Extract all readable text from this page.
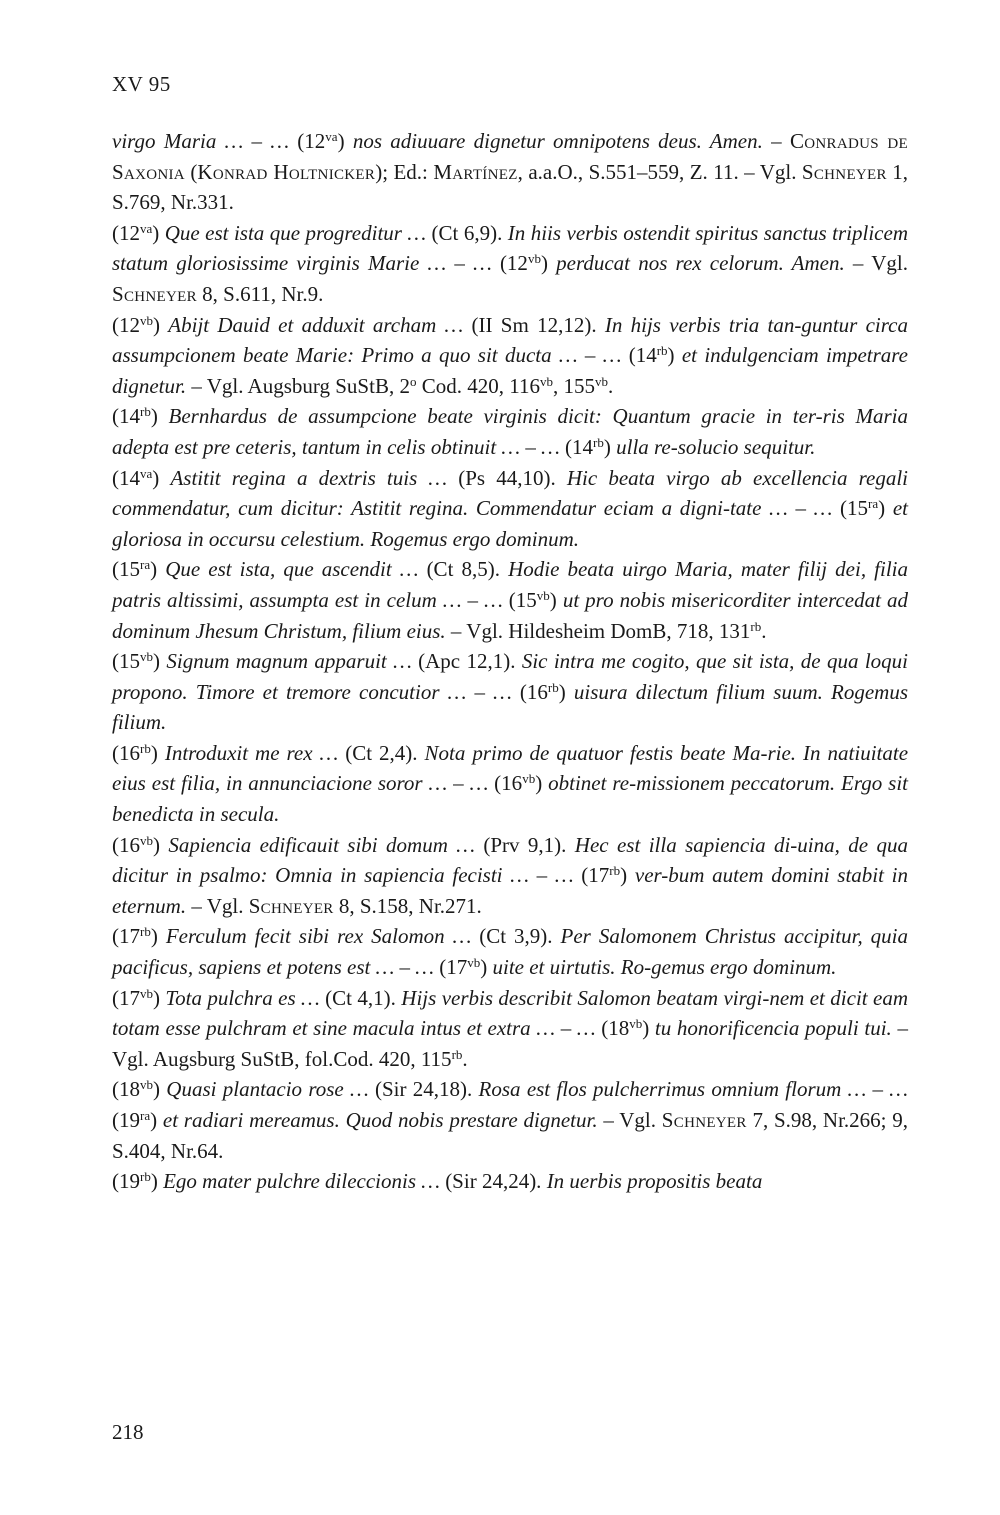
XV 95

virgo Maria … – … $(12^{va})$ nos adiuuare dignetur omnipotens deus. Amen. – Conradus de Saxonia (Konrad Holtnicker); Ed.: Martínez, a.a.O., S.551–559, Z. 11. – Vgl. Schneyer 1, S.769, Nr.331.

$(12^{va})$ Que est ista que progreditur … (Ct 6,9). In hiis verbis ostendit spiritus sanctus triplicem statum gloriosissime virginis Marie … – … $(12^{vb})$ perducat nos rex celorum. Amen. – Vgl. Schneyer 8, S.611, Nr.9.

$(12^{vb})$ Abijt Dauid et adduxit archam … (II Sm 12,12). In hijs verbis tria tan-guntur circa assumpcionem beate Marie: Primo a quo sit ducta … – … $(14^{rb})$ et indulgenciam impetrare dignetur. – Vgl. Augsburg SuStB, 2$^o$ Cod. 420, $116^{vb}$, $155^{vb}$.

$(14^{rb})$ Bernhardus de assumpcione beate virginis dicit: Quantum gracie in ter-ris Maria adepta est pre ceteris, tantum in celis obtinuit … – … $(14^{rb})$ ulla re-solucio sequitur.

$(14^{va})$ Astitit regina a dextris tuis … (Ps 44,10). Hic beata virgo ab excellencia regali commendatur, cum dicitur: Astitit regina. Commendatur eciam a digni-tate … – … $(15^{ra})$ et gloriosa in occursu celestium. Rogemus ergo dominum.

$(15^{ra})$ Que est ista, que ascendit … (Ct 8,5). Hodie beata uirgo Maria, mater filij dei, filia patris altissimi, assumpta est in celum … – … $(15^{vb})$ ut pro nobis misericorditer intercedat ad dominum Jhesum Christum, filium eius. – Vgl. Hildesheim DomB, 718, $131^{rb}$.

$(15^{vb})$ Signum magnum apparuit … (Apc 12,1). Sic intra me cogito, que sit ista, de qua loqui propono. Timore et tremore concutior … – … $(16^{rb})$ uisura dilectum filium suum. Rogemus filium.

$(16^{rb})$ Introduxit me rex … (Ct 2,4). Nota primo de quatuor festis beate Ma-rie. In natiuitate eius est filia, in annunciacione soror … – … $(16^{vb})$ obtinet re-missionem peccatorum. Ergo sit benedicta in secula.

$(16^{vb})$ Sapiencia edificauit sibi domum … (Prv 9,1). Hec est illa sapiencia di-uina, de qua dicitur in psalmo: Omnia in sapiencia fecisti … – … $(17^{rb})$ ver-bum autem domini stabit in eternum. – Vgl. Schneyer 8, S.158, Nr.271.

$(17^{rb})$ Ferculum fecit sibi rex Salomon … (Ct 3,9). Per Salomonem Christus accipitur, quia pacificus, sapiens et potens est … – … $(17^{vb})$ uite et uirtutis. Ro-gemus ergo dominum.

$(17^{vb})$ Tota pulchra es … (Ct 4,1). Hijs verbis describit Salomon beatam virgi-nem et dicit eam totam esse pulchram et sine macula intus et extra … – … $(18^{vb})$ tu honorificencia populi tui. – Vgl. Augsburg SuStB, fol.Cod. 420, $115^{rb}$.

$(18^{vb})$ Quasi plantacio rose … (Sir 24,18). Rosa est flos pulcherrimus omnium florum … – … $(19^{ra})$ et radiari mereamus. Quod nobis prestare dignetur. – Vgl. Schneyer 7, S.98, Nr.266; 9, S.404, Nr.64.

$(19^{rb})$ Ego mater pulchre dileccionis … (Sir 24,24). In uerbis propositis beata

218
